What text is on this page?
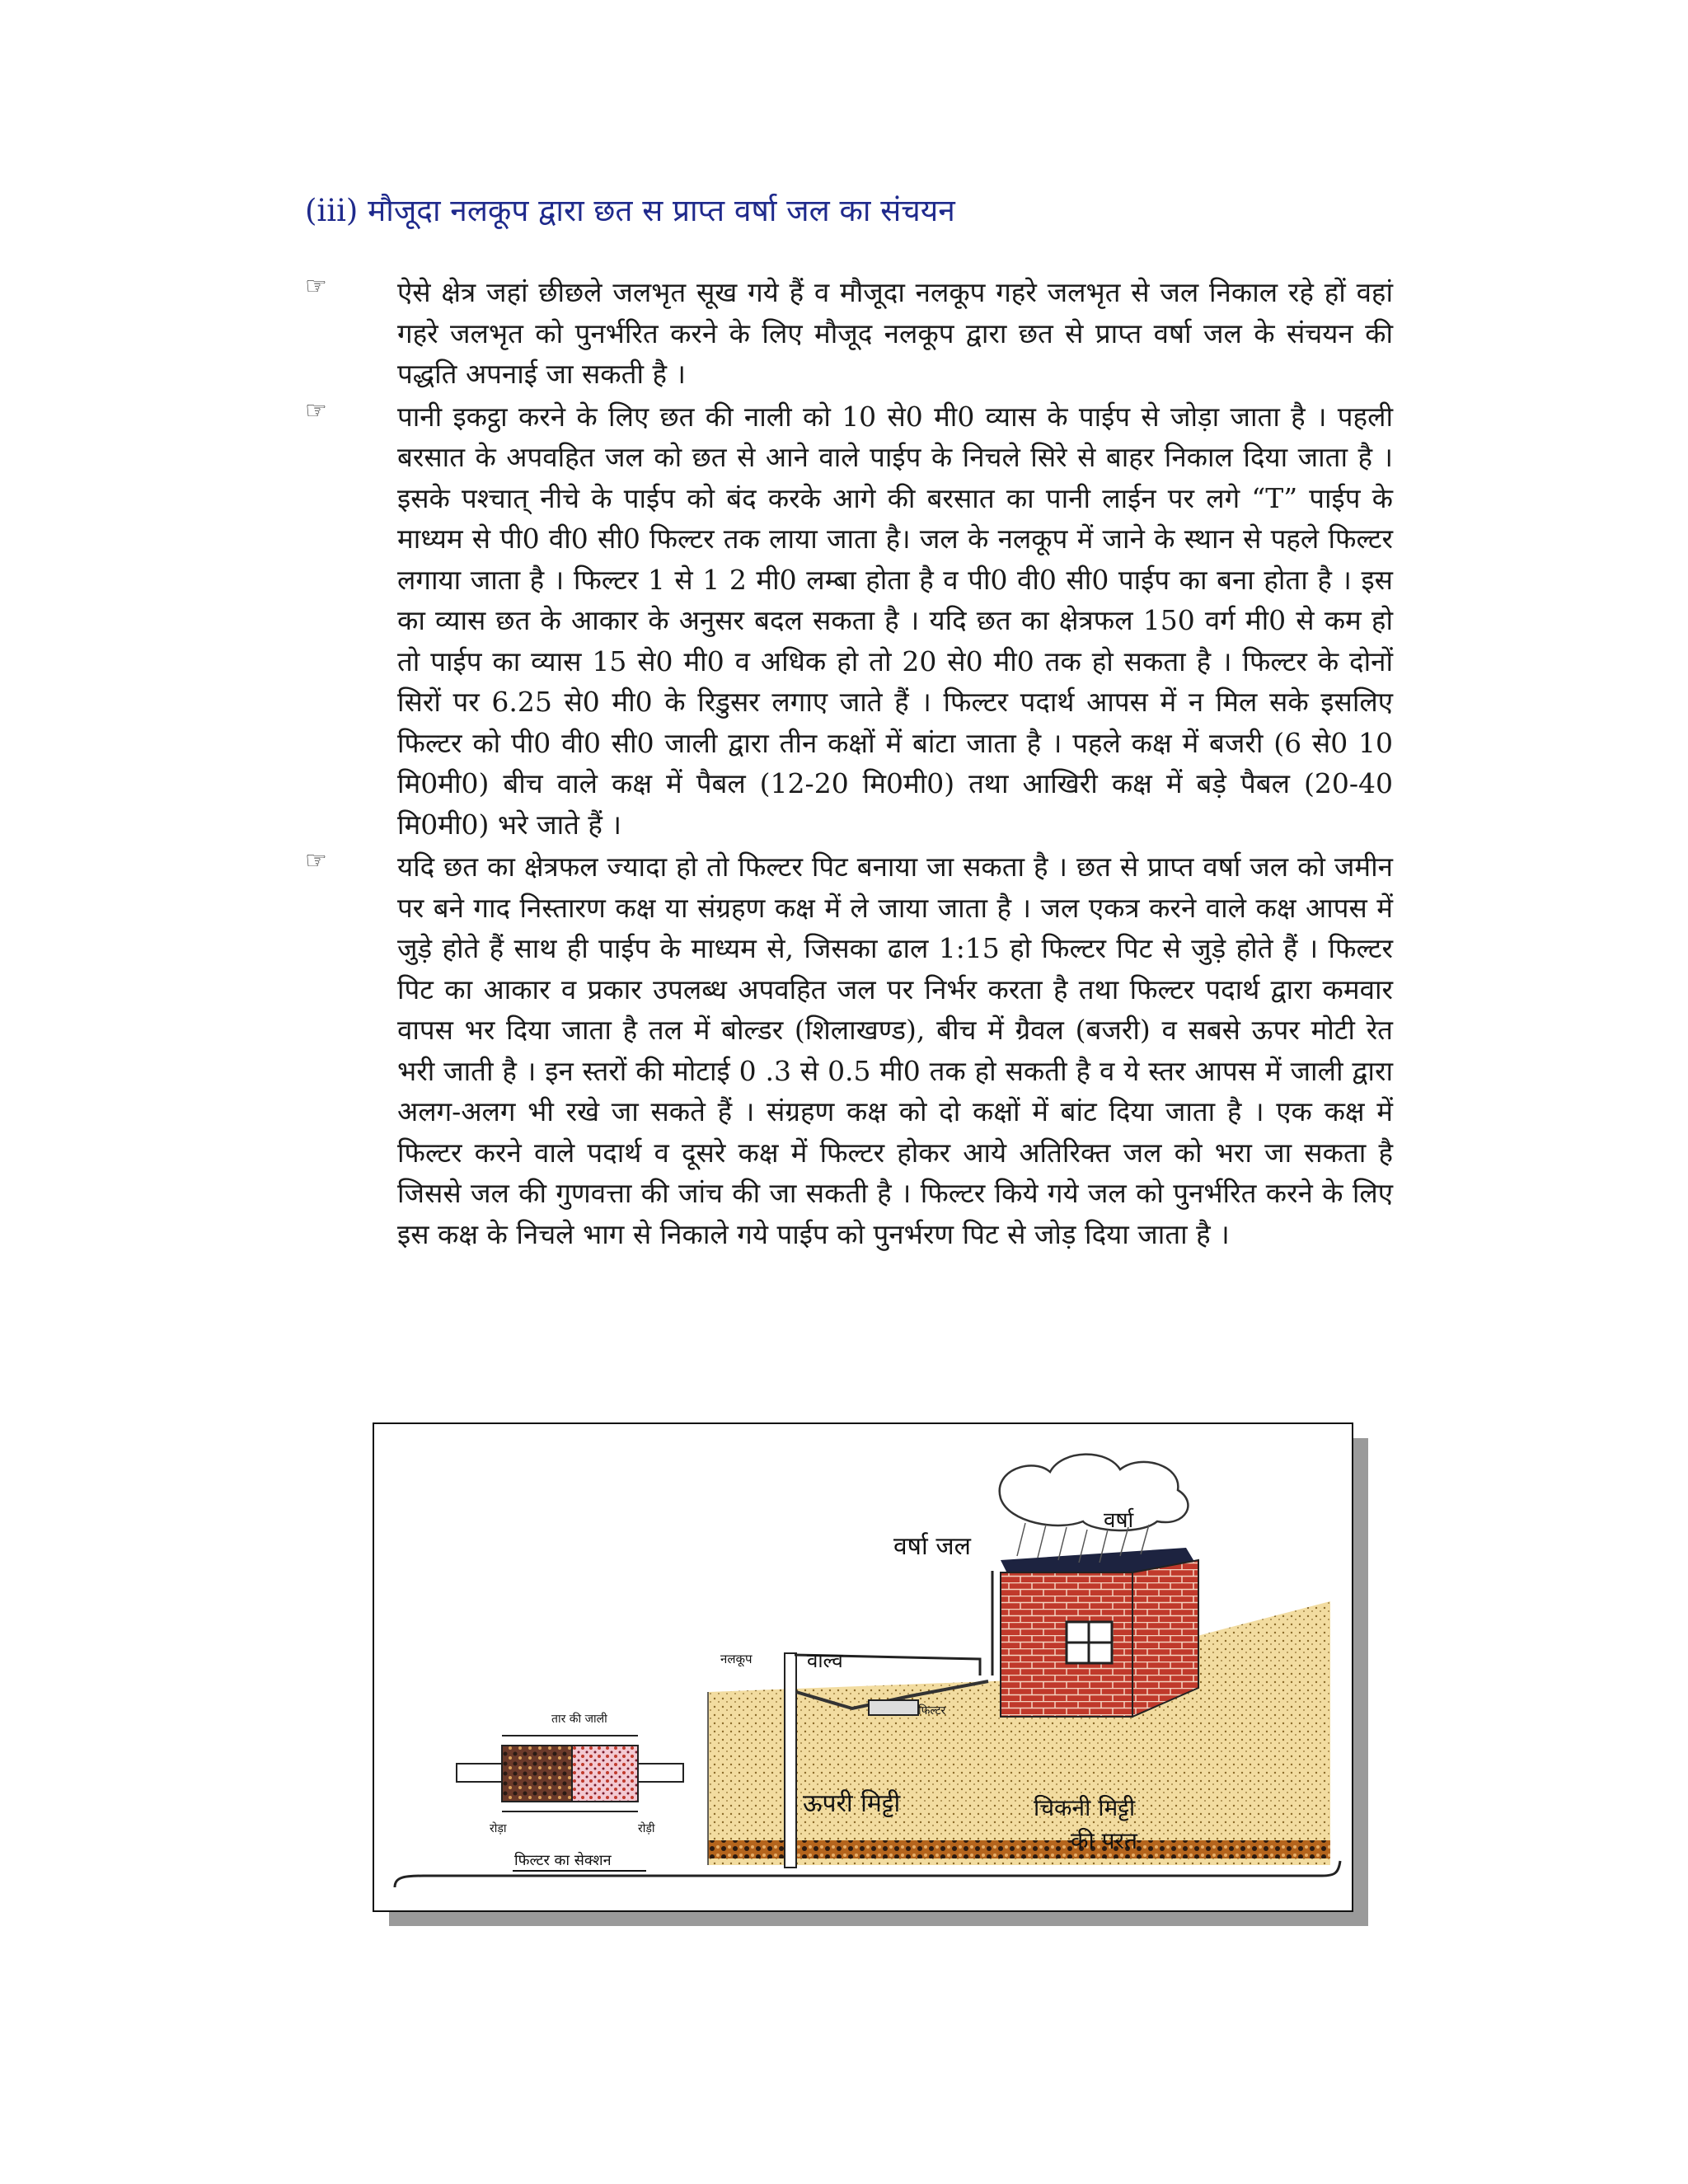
(iii) मौजूदा नलकूप द्वारा छत स प्राप्त वर्षा जल का संचयन
☞	ऐसे क्षेत्र जहां छीछले जलभृत सूख गये हैं व मौजूदा नलकूप गहरे जलभृत से जल निकाल रहे हों वहां गहरे जलभृत को पुनर्भरित करने के लिए मौजूद नलकूप द्वारा छत से प्राप्त वर्षा जल के संचयन की पद्धति अपनाई जा सकती है ।
☞	पानी इकट्ठा करने के लिए छत की नाली को 10 से0 मी0 व्यास के पाईप से जोड़ा जाता है । पहली बरसात के अपवहित जल को छत से आने वाले पाईप के निचले सिरे से बाहर निकाल दिया जाता है । इसके पश्चात् नीचे के पाईप को बंद करके आगे की बरसात का पानी लाईन पर लगे “T” पाईप के माध्यम से पी0 वी0 सी0 फिल्टर तक लाया जाता है। जल के नलकूप में जाने के स्थान से पहले फिल्टर लगाया जाता है । फिल्टर 1 से 1 2 मी0 लम्बा होता है व पी0 वी0 सी0 पाईप का बना होता है । इस का व्यास छत के आकार के अनुसर बदल सकता है । यदि छत का क्षेत्रफल 150 वर्ग मी0 से कम हो तो पाईप का व्यास 15 से0 मी0 व अधिक हो तो 20 से0 मी0 तक हो सकता है । फिल्टर के दोनों सिरों पर 6.25 से0 मी0 के रिडुसर लगाए जाते हैं । फिल्टर पदार्थ आपस में न मिल सके इसलिए फिल्टर को पी0 वी0 सी0 जाली द्वारा तीन कक्षों में बांटा जाता है । पहले कक्ष में बजरी (6 से0 10 मि0मी0) बीच वाले कक्ष में पैबल (12-20 मि0मी0) तथा आखिरी कक्ष में बड़े पैबल (20-40 मि0मी0) भरे जाते हैं ।
☞	यदि छत का क्षेत्रफल ज्यादा हो तो फिल्टर पिट बनाया जा सकता है । छत से प्राप्त वर्षा जल को जमीन पर बने गाद निस्तारण कक्ष या संग्रहण कक्ष में ले जाया जाता है । जल एकत्र करने वाले कक्ष आपस में जुड़े होते हैं साथ ही पाईप के माध्यम से, जिसका ढाल 1:15 हो फिल्टर पिट से जुड़े होते हैं । फिल्टर पिट का आकार व प्रकार उपलब्ध अपवहित जल पर निर्भर करता है तथा फिल्टर पदार्थ द्वारा कमवार वापस भर दिया जाता है तल में बोल्डर (शिलाखण्ड), बीच में ग्रैवल (बजरी) व सबसे ऊपर मोटी रेत भरी जाती है । इन स्तरों की मोटाई 0 .3 से 0.5 मी0 तक हो सकती है व ये स्तर आपस में जाली द्वारा अलग-अलग भी रखे जा सकते हैं । संग्रहण कक्ष को दो कक्षों में बांट दिया जाता है । एक कक्ष में फिल्टर करने वाले पदार्थ व दूसरे कक्ष में फिल्टर होकर आये अतिरिक्त जल को भरा जा सकता है जिससे जल की गुणवत्ता की जांच की जा सकती है । फिल्टर किये गये जल को पुनर्भरित करने के लिए इस कक्ष के निचले भाग से निकाले गये पाईप को पुनर्भरण पिट से जोड़ दिया जाता है ।
वर्षा
वर्षा जल
नलकूप	वाल्व
फिल्टर
ऊपरी मिट्टी	चिकनी मिट्टी
की परत
तार की जाली
रोड़ा	रोड़ी
फिल्टर का सेक्शन
